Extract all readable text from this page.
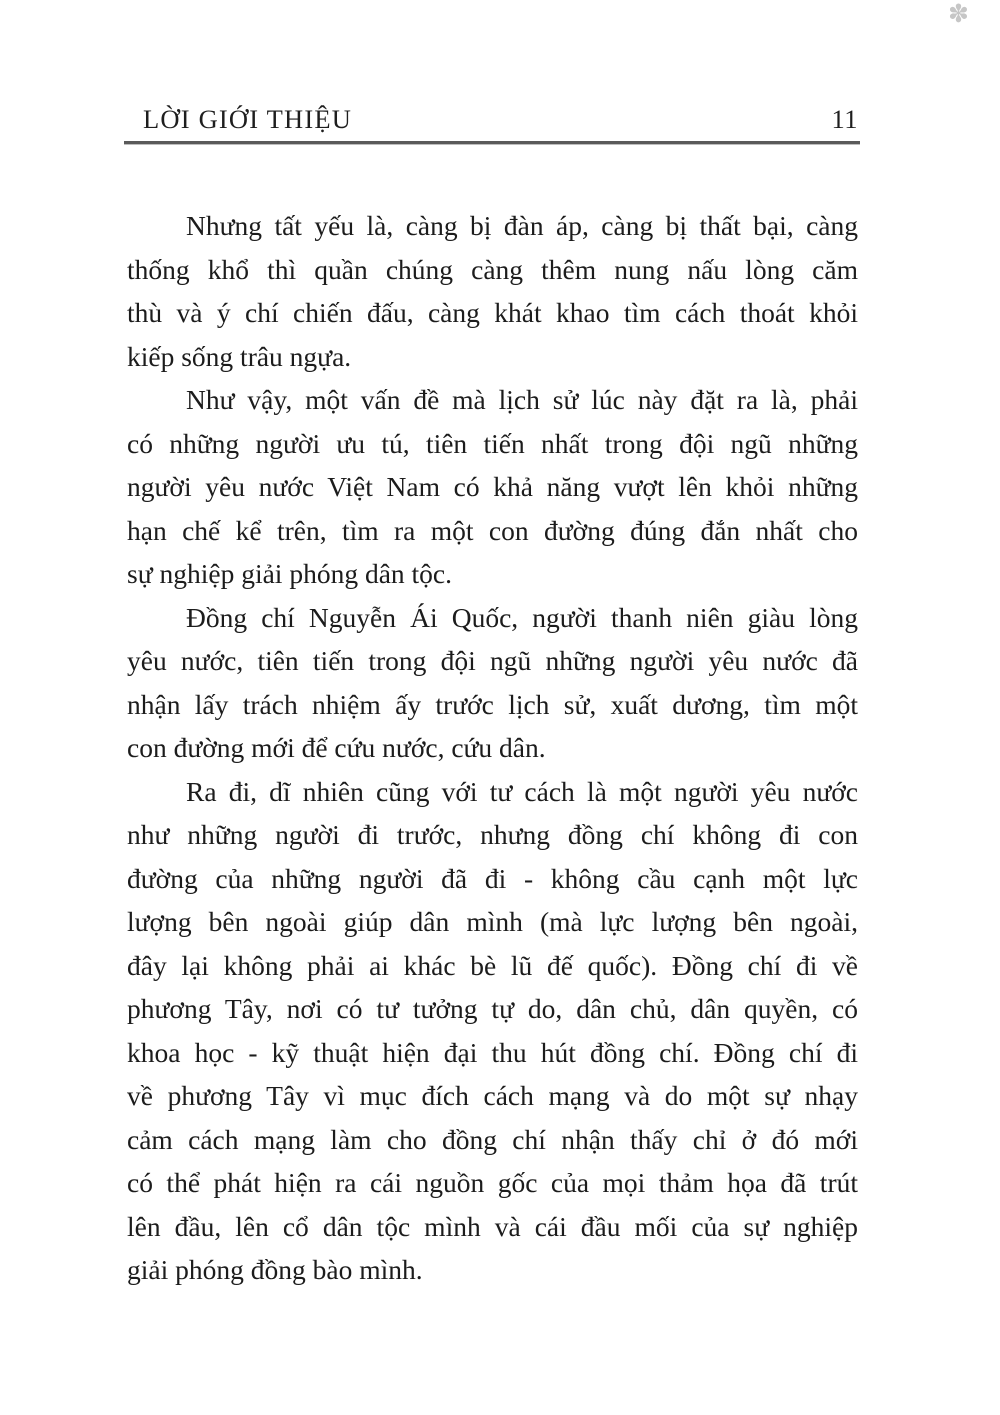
✽
LỜI GIỚI THIỆU	11
Nhưng tất yếu là, càng bị đàn áp, càng bị thất bại, càng
thống khổ thì quần chúng càng thêm nung nấu lòng căm
thù và ý chí chiến đấu, càng khát khao tìm cách thoát khỏi
kiếp sống trâu ngựa.
Như vậy, một vấn đề mà lịch sử lúc này đặt ra là, phải
có những người ưu tú, tiên tiến nhất trong đội ngũ những
người yêu nước Việt Nam có khả năng vượt lên khỏi những
hạn chế kể trên, tìm ra một con đường đúng đắn nhất cho
sự nghiệp giải phóng dân tộc.
Đồng chí Nguyễn Ái Quốc, người thanh niên giàu lòng
yêu nước, tiên tiến trong đội ngũ những người yêu nước đã
nhận lấy trách nhiệm ấy trước lịch sử, xuất dương, tìm một
con đường mới để cứu nước, cứu dân.
Ra đi, dĩ nhiên cũng với tư cách là một người yêu nước
như những người đi trước, nhưng đồng chí không đi con
đường của những người đã đi - không cầu cạnh một lực
lượng bên ngoài giúp dân mình (mà lực lượng bên ngoài,
đây lại không phải ai khác bè lũ đế quốc). Đồng chí đi về
phương Tây, nơi có tư tưởng tự do, dân chủ, dân quyền, có
khoa học - kỹ thuật hiện đại thu hút đồng chí. Đồng chí đi
về phương Tây vì mục đích cách mạng và do một sự nhạy
cảm cách mạng làm cho đồng chí nhận thấy chỉ ở đó mới
có thể phát hiện ra cái nguồn gốc của mọi thảm họa đã trút
lên đầu, lên cổ dân tộc mình và cái đầu mối của sự nghiệp
giải phóng đồng bào mình.
